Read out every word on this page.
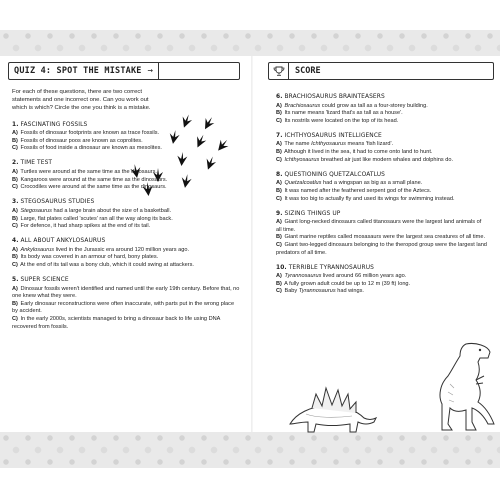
QUIZ 4: SPOT THE MISTAKE →	SCORE

For each of these questions, there are two correct statements and one incorrect one. Can you work out which is which? Circle the one you think is a mistake.

1. FASCINATING FOSSILS
A) Fossils of dinosaur footprints are known as trace fossils.
B) Fossils of dinosaur poos are known as coprolites.
C) Fossils of food inside a dinosaur are known as mesolites.
2. TIME TEST
A) Turtles were around at the same time as the dinosaurs.
B) Kangaroos were around at the same time as the dinosaurs.
C) Crocodiles were around at the same time as the dinosaurs.
3. STEGOSAURUS STUDIES
A) Stegosaurus had a large brain about the size of a basketball.
B) Large, flat plates called 'scutes' ran all the way along its back.
C) For defence, it had sharp spikes at the end of its tail.
4. ALL ABOUT ANKYLOSAURUS
A) Ankylosaurus lived in the Jurassic era around 120 million years ago.
B) Its body was covered in an armour of hard, bony plates.
C) At the end of its tail was a bony club, which it could swing at attackers.
5. SUPER SCIENCE
A) Dinosaur fossils weren't identified and named until the early 19th century. Before that, no one knew what they were.
B) Early dinosaur reconstructions were often inaccurate, with parts put in the wrong place by accident.
C) In the early 2000s, scientists managed to bring a dinosaur back to life using DNA recovered from fossils.
6. BRACHIOSAURUS BRAINTEASERS
A) Brachiosaurus could grow as tall as a four-storey building.
B) Its name means 'lizard that's as tall as a house'.
C) Its nostrils were located on the top of its head.
7. ICHTHYOSAURUS INTELLIGENCE
A) The name Ichthyosaurus means 'fish lizard'.
B) Although it lived in the sea, it had to come onto land to hunt.
C) Ichthyosaurus breathed air just like modern whales and dolphins do.
8. QUESTIONING QUETZALCOATLUS
A) Quetzalcoatlus had a wingspan as big as a small plane.
B) It was named after the feathered serpent god of the Aztecs.
C) It was too big to actually fly and used its wings for swimming instead.
9. SIZING THINGS UP
A) Giant long-necked dinosaurs called titanosaurs were the largest land animals of all time.
B) Giant marine reptiles called mosasaurs were the largest sea creatures of all time.
C) Giant two-legged dinosaurs belonging to the theropod group were the largest land predators of all time.
10. TERRIBLE TYRANNOSAURUS
A) Tyrannosaurus lived around 66 million years ago.
B) A fully grown adult could be up to 12 m (39 ft) long.
C) Baby Tyrannosaurus had wings.
